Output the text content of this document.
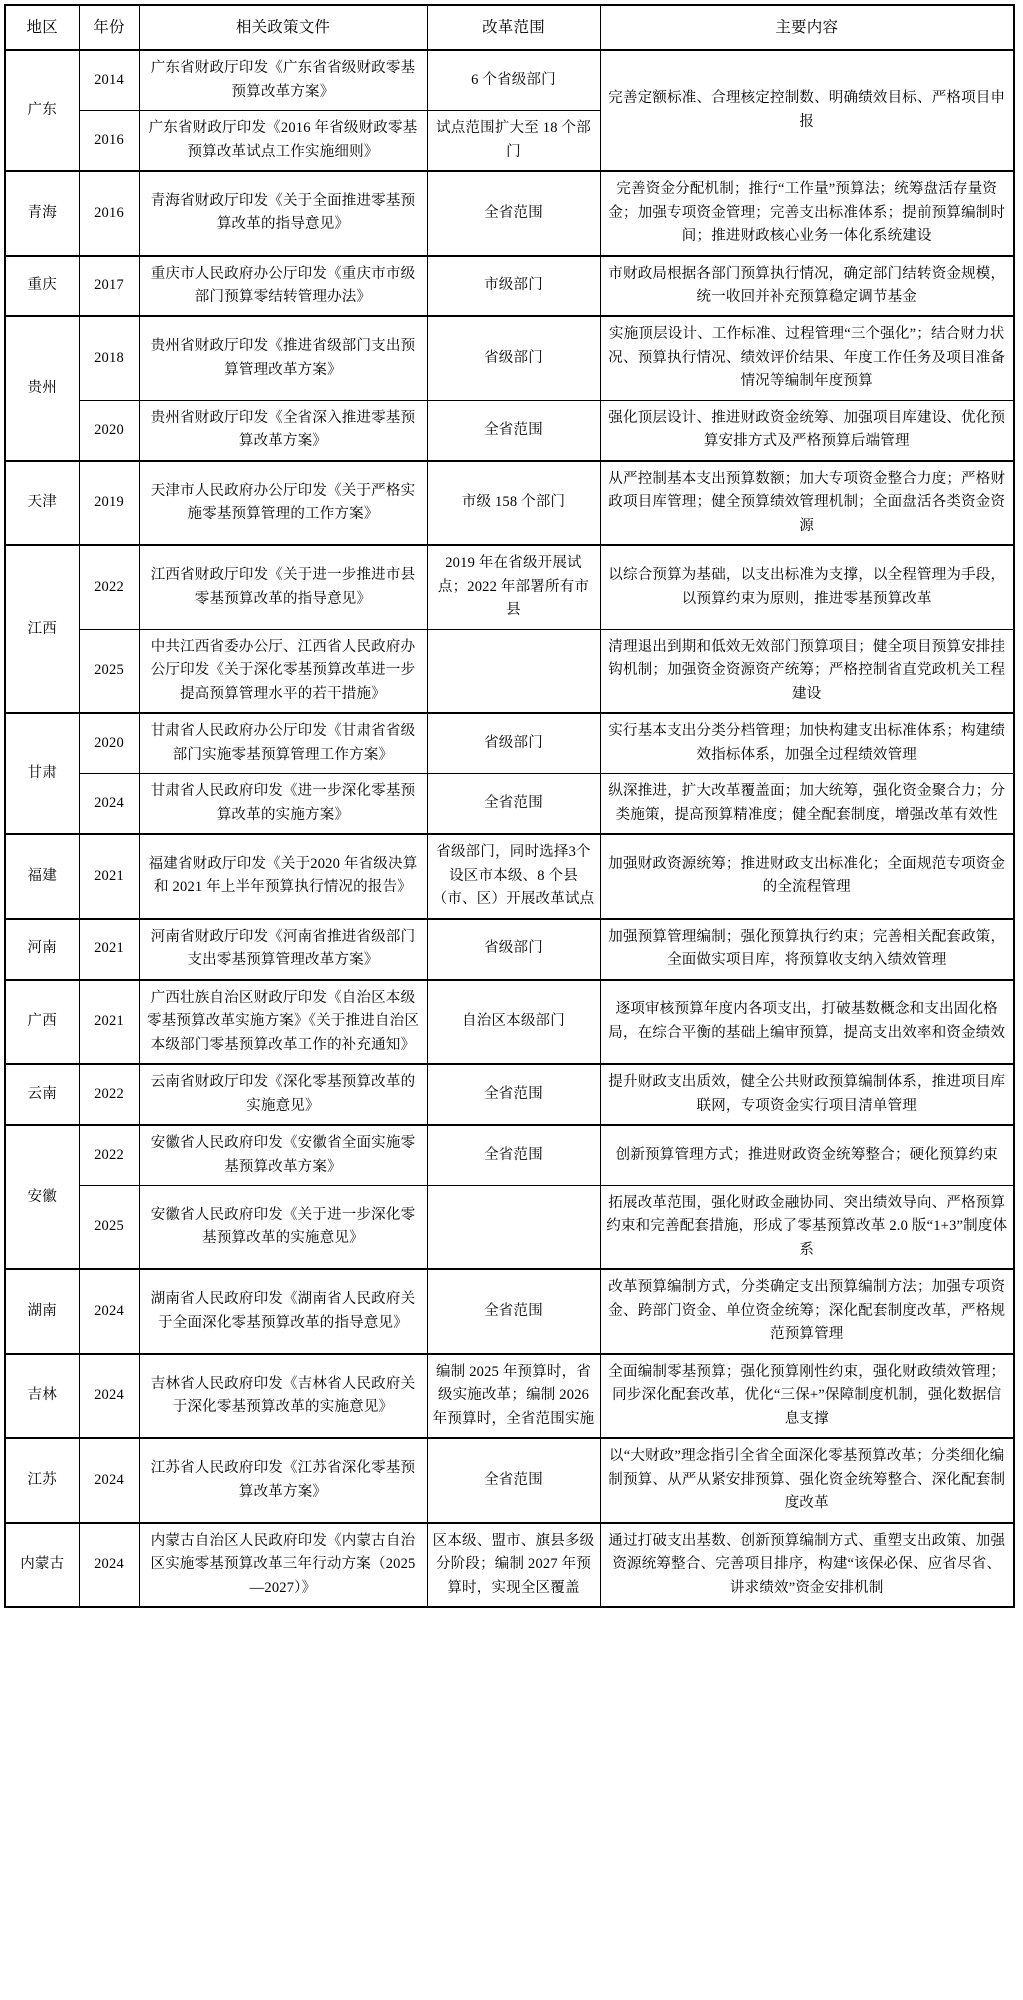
地区	年份	相关政策文件	改革范围	主要内容
广东	2014	广东省财政厅印发《广东省省级财政零基预算改革方案》	6 个省级部门	完善定额标准、合理核定控制数、明确绩效目标、严格项目申报
	2016	广东省财政厅印发《2016 年省级财政零基预算改革试点工作实施细则》	试点范围扩大至 18 个部门	
青海	2016	青海省财政厅印发《关于全面推进零基预算改革的指导意见》	全省范围	完善资金分配机制；推行“工作量”预算法；统筹盘活存量资金；加强专项资金管理；完善支出标准体系；提前预算编制时间；推进财政核心业务一体化系统建设
重庆	2017	重庆市人民政府办公厅印发《重庆市市级部门预算零结转管理办法》	市级部门	市财政局根据各部门预算执行情况，确定部门结转资金规模，统一收回并补充预算稳定调节基金
贵州	2018	贵州省财政厅印发《推进省级部门支出预算管理改革方案》	省级部门	实施顶层设计、工作标准、过程管理“三个强化”；结合财力状况、预算执行情况、绩效评价结果、年度工作任务及项目准备情况等编制年度预算
	2020	贵州省财政厅印发《全省深入推进零基预算改革方案》	全省范围	强化顶层设计、推进财政资金统筹、加强项目库建设、优化预算安排方式及严格预算后端管理
天津	2019	天津市人民政府办公厅印发《关于严格实施零基预算管理的工作方案》	市级 158 个部门	从严控制基本支出预算数额；加大专项资金整合力度；严格财政项目库管理；健全预算绩效管理机制；全面盘活各类资金资源
江西	2022	江西省财政厅印发《关于进一步推进市县零基预算改革的指导意见》	2019 年在省级开展试点；2022 年部署所有市县	以综合预算为基础，以支出标准为支撑，以全程管理为手段，以预算约束为原则，推进零基预算改革
	2025	中共江西省委办公厅、江西省人民政府办公厅印发《关于深化零基预算改革进一步提高预算管理水平的若干措施》		清理退出到期和低效无效部门预算项目；健全项目预算安排挂钩机制；加强资金资源资产统筹；严格控制省直党政机关工程建设
甘肃	2020	甘肃省人民政府办公厅印发《甘肃省省级部门实施零基预算管理工作方案》	省级部门	实行基本支出分类分档管理；加快构建支出标准体系；构建绩效指标体系，加强全过程绩效管理
	2024	甘肃省人民政府印发《进一步深化零基预算改革的实施方案》	全省范围	纵深推进，扩大改革覆盖面；加大统筹，强化资金聚合力；分类施策，提高预算精准度；健全配套制度，增强改革有效性
福建	2021	福建省财政厅印发《关于2020 年省级决算和 2021 年上半年预算执行情况的报告》	省级部门，同时选择3个设区市本级、8 个县（市、区）开展改革试点	加强财政资源统筹；推进财政支出标准化；全面规范专项资金的全流程管理
河南	2021	河南省财政厅印发《河南省推进省级部门支出零基预算管理改革方案》	省级部门	加强预算管理编制；强化预算执行约束；完善相关配套政策，全面做实项目库，将预算收支纳入绩效管理
广西	2021	广西壮族自治区财政厅印发《自治区本级零基预算改革实施方案》《关于推进自治区本级部门零基预算改革工作的补充通知》	自治区本级部门	逐项审核预算年度内各项支出，打破基数概念和支出固化格局，在综合平衡的基础上编审预算，提高支出效率和资金绩效
云南	2022	云南省财政厅印发《深化零基预算改革的实施意见》	全省范围	提升财政支出质效，健全公共财政预算编制体系，推进项目库联网，专项资金实行项目清单管理
安徽	2022	安徽省人民政府印发《安徽省全面实施零基预算改革方案》	全省范围	创新预算管理方式；推进财政资金统筹整合；硬化预算约束
	2025	安徽省人民政府印发《关于进一步深化零基预算改革的实施意见》		拓展改革范围，强化财政金融协同、突出绩效导向、严格预算约束和完善配套措施，形成了零基预算改革 2.0 版“1+3”制度体系
湖南	2024	湖南省人民政府印发《湖南省人民政府关于全面深化零基预算改革的指导意见》	全省范围	改革预算编制方式，分类确定支出预算编制方法；加强专项资金、跨部门资金、单位资金统筹；深化配套制度改革，严格规范预算管理
吉林	2024	吉林省人民政府印发《吉林省人民政府关于深化零基预算改革的实施意见》	编制 2025 年预算时，省级实施改革；编制 2026 年预算时，全省范围实施	全面编制零基预算；强化预算刚性约束，强化财政绩效管理；同步深化配套改革，优化“三保+”保障制度机制，强化数据信息支撑
江苏	2024	江苏省人民政府印发《江苏省深化零基预算改革方案》	全省范围	以“大财政”理念指引全省全面深化零基预算改革；分类细化编制预算、从严从紧安排预算、强化资金统筹整合、深化配套制度改革
内蒙古	2024	内蒙古自治区人民政府印发《内蒙古自治区实施零基预算改革三年行动方案（2025—2027）》	区本级、盟市、旗县多级分阶段；编制 2027 年预算时，实现全区覆盖	通过打破支出基数、创新预算编制方式、重塑支出政策、加强资源统筹整合、完善项目排序，构建“该保必保、应省尽省、讲求绩效”资金安排机制
